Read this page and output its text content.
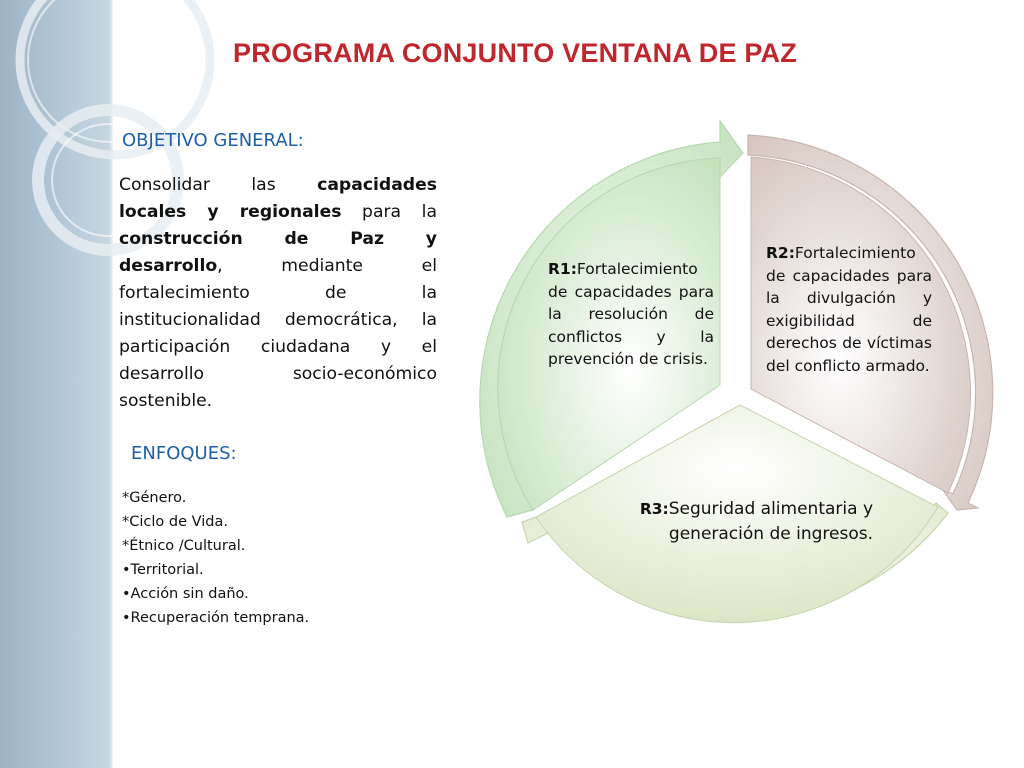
PROGRAMA CONJUNTO VENTANA DE PAZ
OBJETIVO GENERAL:
Consolidar las capacidades locales y regionales para la construcción de Paz y desarrollo, mediante el fortalecimiento de la institucionalidad democrática, la participación ciudadana y el desarrollo socio-económico sostenible.
ENFOQUES:
*Género.
*Ciclo de Vida.
*Étnico /Cultural.
•Territorial.
•Acción sin daño.
•Recuperación temprana.
R1:Fortalecimiento de capacidades para la resolución de conflictos y la prevención de crisis.
R2:Fortalecimiento de capacidades para la divulgación y exigibilidad de derechos de víctimas del conflicto armado.
R3:Seguridad alimentaria y generación de ingresos.
